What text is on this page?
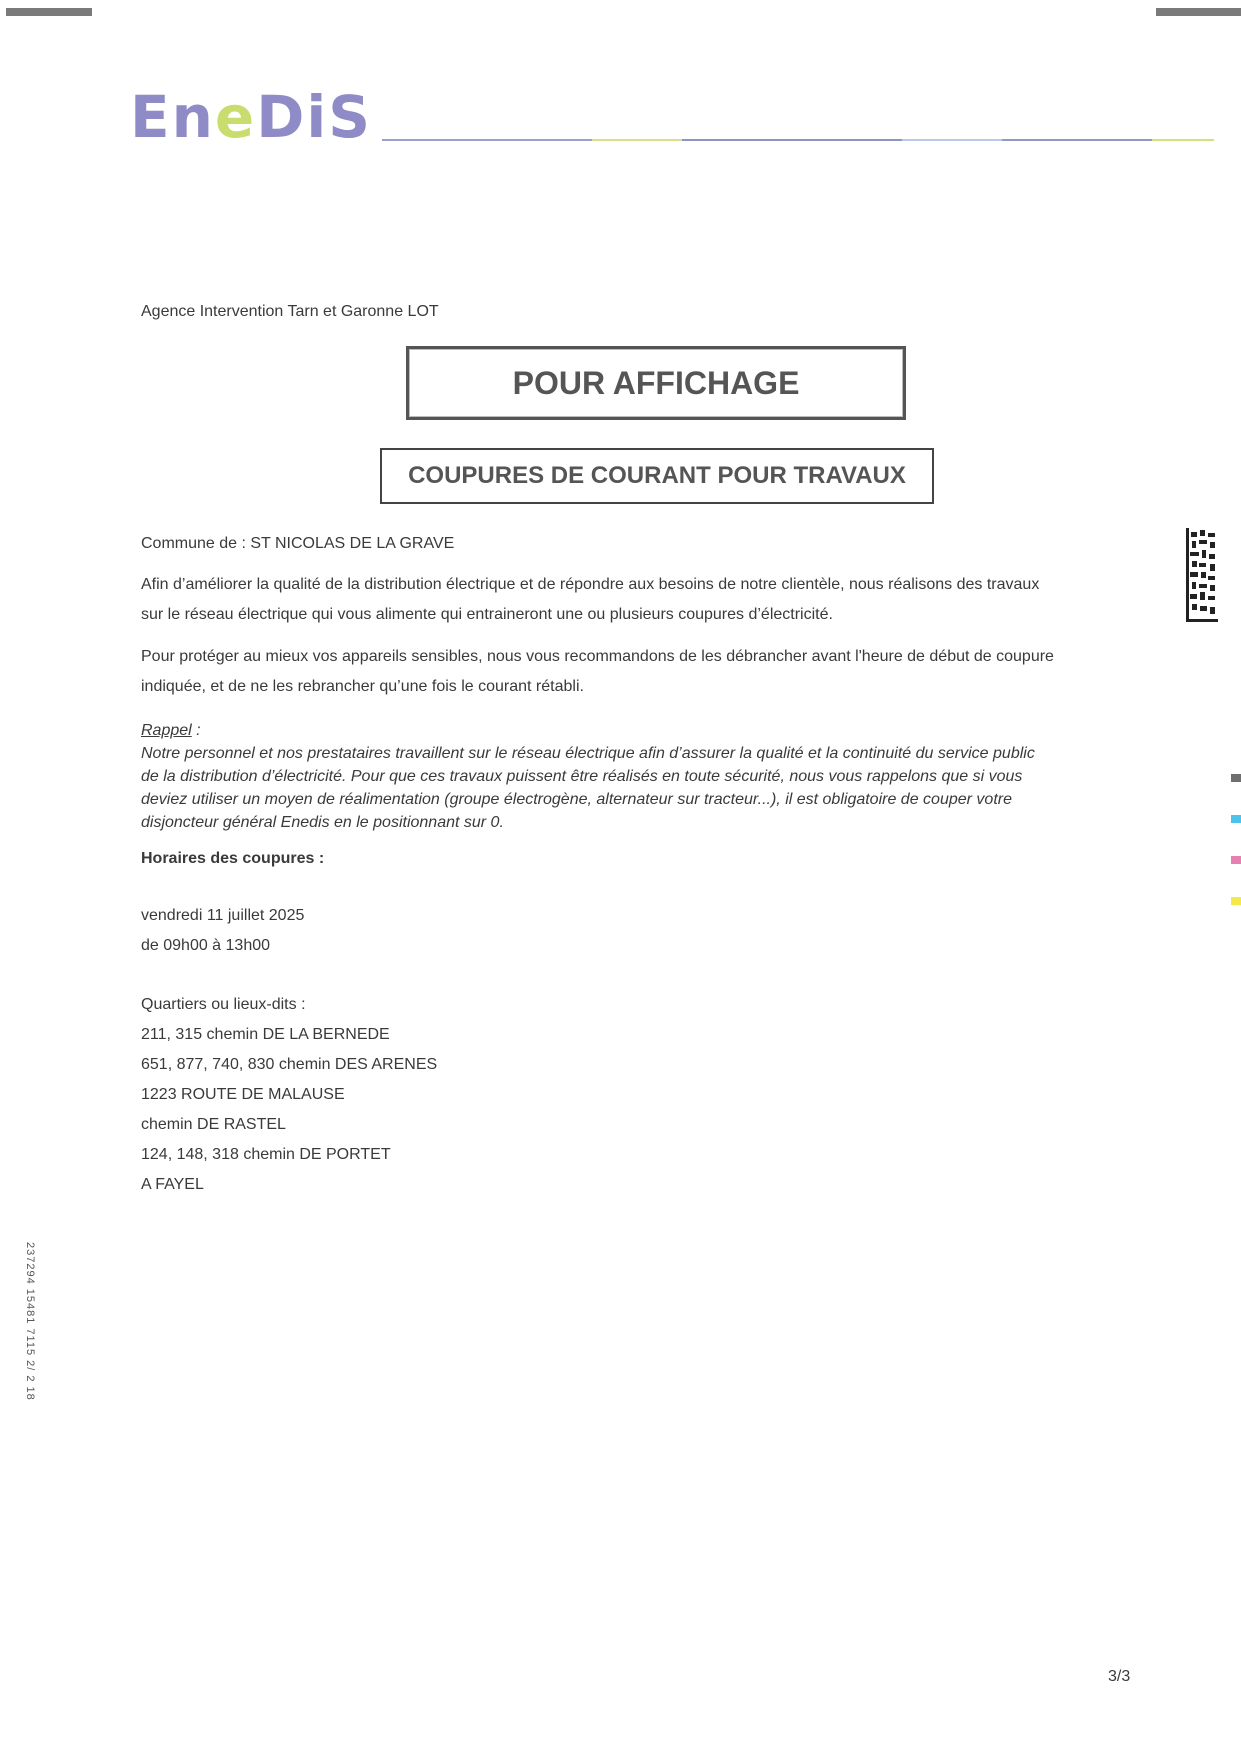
EneDiS
Agence Intervention Tarn et Garonne LOT
POUR AFFICHAGE
COUPURES DE COURANT POUR TRAVAUX
Commune de : ST NICOLAS DE LA GRAVE
Afin d’améliorer la qualité de la distribution électrique et de répondre aux besoins de notre clientèle, nous réalisons des travaux
sur le réseau électrique qui vous alimente qui entraineront une ou plusieurs coupures d’électricité.
Pour protéger au mieux vos appareils sensibles, nous vous recommandons de les débrancher avant l'heure de début de coupure
indiquée, et de ne les rebrancher qu’une fois le courant rétabli.
Rappel :
Notre personnel et nos prestataires travaillent sur le réseau électrique afin d’assurer la qualité et la continuité du service public
de la distribution d’électricité. Pour que ces travaux puissent être réalisés en toute sécurité, nous vous rappelons que si vous
deviez utiliser un moyen de réalimentation (groupe électrogène, alternateur sur tracteur...), il est obligatoire de couper votre
disjoncteur général Enedis en le positionnant sur 0.
Horaires des coupures :
vendredi 11 juillet 2025
de 09h00 à 13h00
Quartiers ou lieux-dits :
211, 315 chemin DE LA BERNEDE
651, 877, 740, 830 chemin DES ARENES
1223 ROUTE DE MALAUSE
chemin DE RASTEL
124, 148, 318 chemin DE PORTET
A FAYEL
237294 15481 7115 2/ 2 18
3/3
